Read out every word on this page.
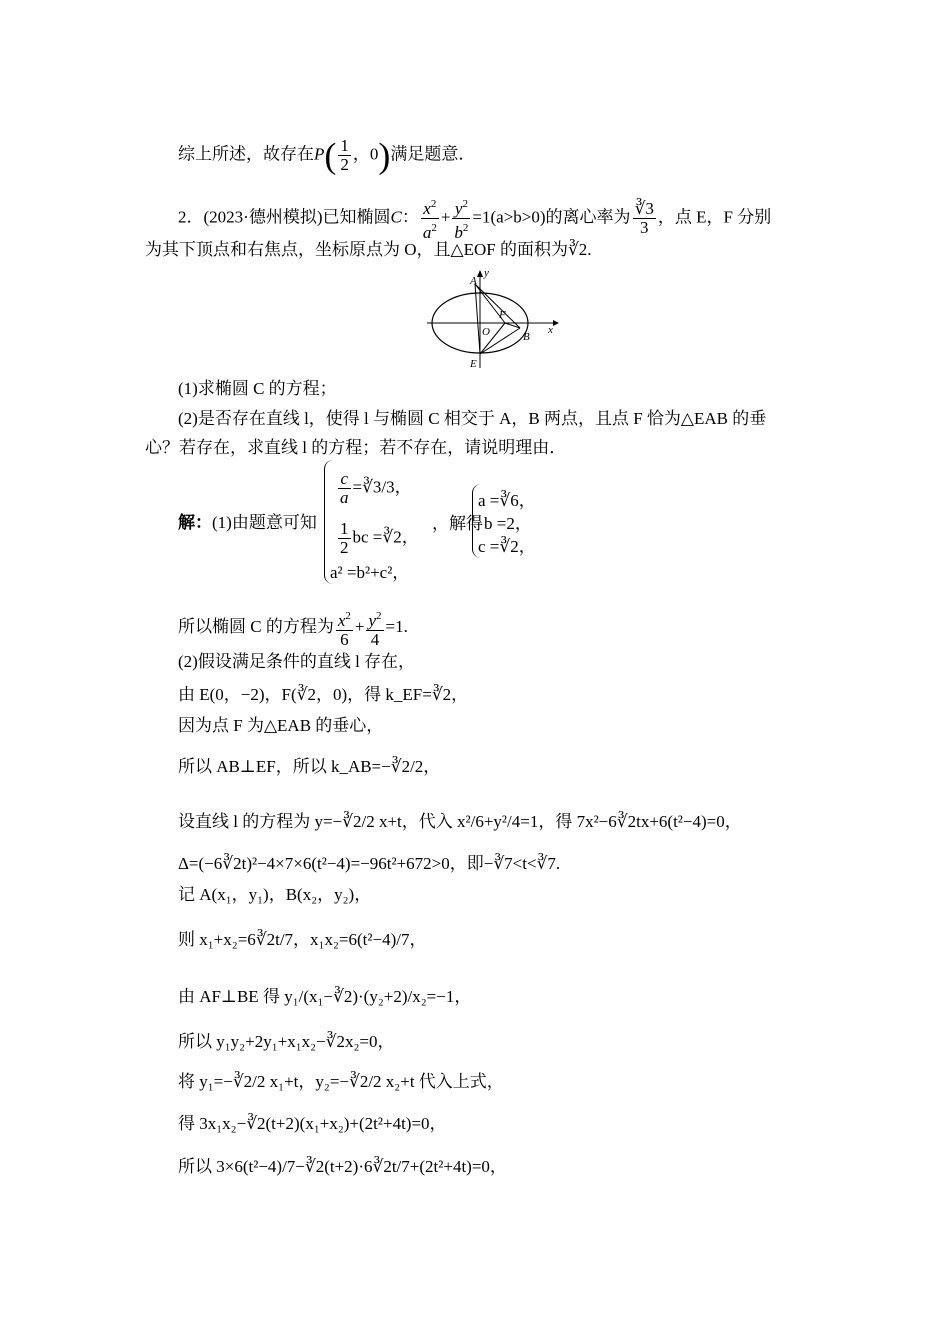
综上所述，故存在$P( \frac{1}{2}$ ，0)满足题意．
2．(2023·德州模拟)已知椭圆C： $\frac{x^2}{a^2} + \frac{y^2}{b^2} =1(a>b>0)$的离心率为 $\frac{∛3}{3}$ ，点 E，F 分别
为其下顶点和右焦点，坐标原点为 O，且△EOF 的面积为∛2.
A
y
F
O	x
B
E
(1)求椭圆 C 的方程；
(2)是否存在直线 l，使得 l 与椭圆 C 相交于 A，B 两点，且点 F 恰为△EAB 的垂
心？若存在，求直线 l 的方程；若不存在，请说明理由．
解：(1)由题意可知
$\frac{c}{a}$ =∛3/3，
$\frac{1}{2}$ bc =∛2，
a² =b²+c²，
，解得
a =∛6，
b =2，
c =∛2，
所以椭圆 C 的方程为 $\frac{x^2}{6} + \frac{y^2}{4} =1$.
(2)假设满足条件的直线 l 存在，
由 E(0，−2)，F(∛2，0)，得 k_EF=∛2，
因为点 F 为△EAB 的垂心，
所以 AB⊥EF，所以 k_AB=−∛2/2，
设直线 l 的方程为 y=−∛2/2 x+t，代入 x²/6+y²/4=1，得 7x²−6∛2tx+6(t²−4)=0，
Δ=(−6∛2t)²−4×7×6(t²−4)=−96t²+672>0，即−∛7<t<∛7.
记 A(x₁，y₁)，B(x₂，y₂)，
则 x₁+x₂=6∛2t/7，x₁x₂=6(t²−4)/7，
由 AF⊥BE 得 y₁/(x₁−∛2)·(y₂+2)/x₂=−1，
所以 y₁y₂+2y₁+x₁x₂−∛2x₂=0，
将 y₁=−∛2/2 x₁+t，y₂=−∛2/2 x₂+t 代入上式，
得 3x₁x₂−∛2(t+2)(x₁+x₂)+(2t²+4t)=0，
所以 3×6(t²−4)/7−∛2(t+2)·6∛2t/7+(2t²+4t)=0，
